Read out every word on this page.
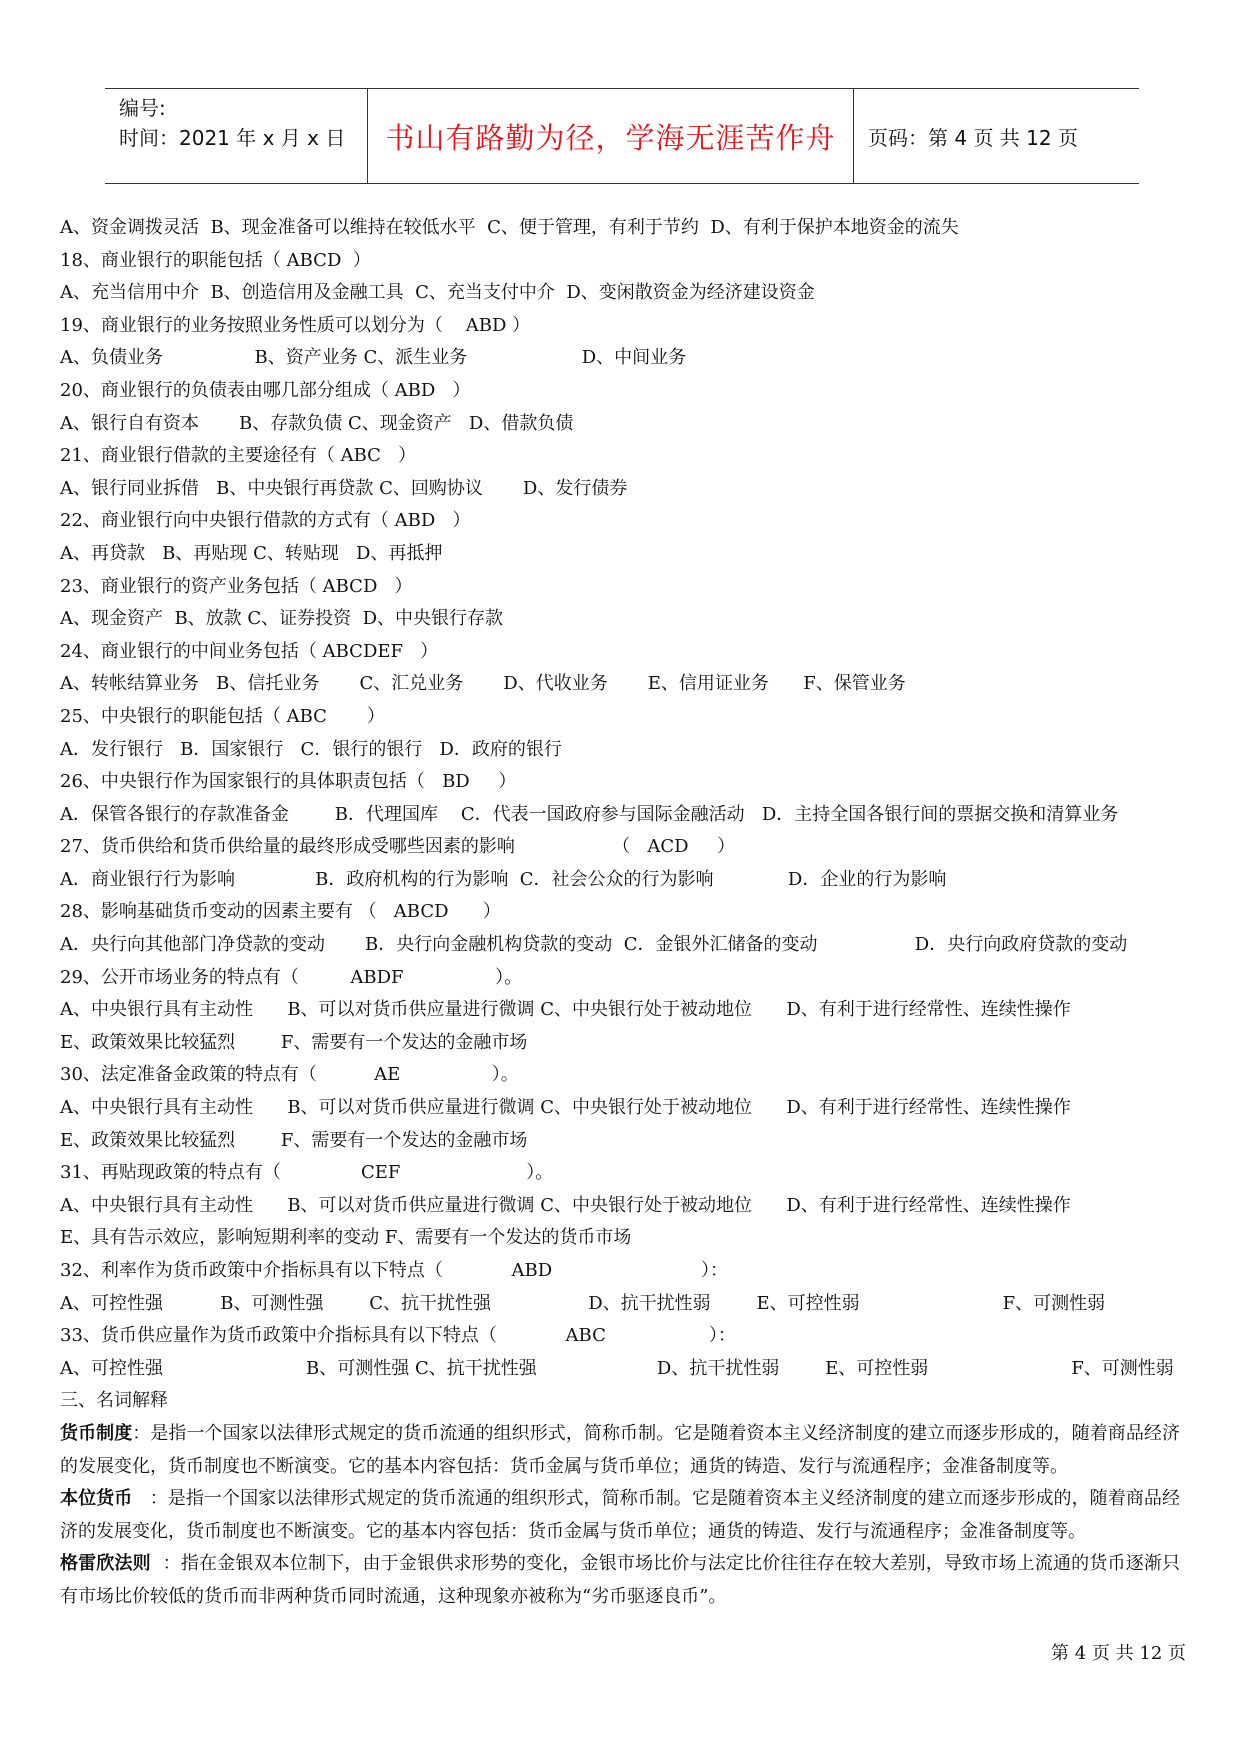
编号:
时间：2021 年 x 月 x 日	书山有路勤为径，学海无涯苦作舟	页码：第 4 页 共 12 页
A、资金调拨灵活  B、现金准备可以维持在较低水平  C、便于管理，有利于节约  D、有利于保护本地资金的流失
18、商业银行的职能包括（ ABCD  ）
A、充当信用中介  B、创造信用及金融工具  C、充当支付中介  D、变闲散资金为经济建设资金
19、商业银行的业务按照业务性质可以划分为（    ABD ）
A、负债业务                B、资产业务 C、派生业务                    D、中间业务
20、商业银行的负债表由哪几部分组成（ ABD   ）
A、银行自有资本       B、存款负债 C、现金资产   D、借款负债
21、商业银行借款的主要途径有（ ABC   ）
A、银行同业拆借   B、中央银行再贷款 C、回购协议       D、发行债券
22、商业银行向中央银行借款的方式有（ ABD   ）
A、再贷款   B、再贴现 C、转贴现   D、再抵押
23、商业银行的资产业务包括（ ABCD   ）
A、现金资产  B、放款 C、证券投资  D、中央银行存款
24、商业银行的中间业务包括（ ABCDEF   ）
A、转帐结算业务   B、信托业务       C、汇兑业务       D、代收业务       E、信用证业务      F、保管业务
25、中央银行的职能包括（ ABC       ）
A．发行银行   B．国家银行   C．银行的银行   D．政府的银行
26、中央银行作为国家银行的具体职责包括（   BD     ）
A．保管各银行的存款准备金        B．代理国库    C．代表一国政府参与国际金融活动   D．主持全国各银行间的票据交换和清算业务
27、货币供给和货币供给量的最终形成受哪些因素的影响                 （   ACD     ）
A．商业银行行为影响              B．政府机构的行为影响  C．社会公众的行为影响             D．企业的行为影响
28、影响基础货币变动的因素主要有 （   ABCD      ）
A．央行向其他部门净贷款的变动       B．央行向金融机构贷款的变动  C．金银外汇储备的变动                 D．央行向政府贷款的变动
29、公开市场业务的特点有（         ABDF                ）。
A、中央银行具有主动性      B、可以对货币供应量进行微调 C、中央银行处于被动地位      D、有利于进行经常性、连续性操作
E、政策效果比较猛烈        F、需要有一个发达的金融市场
30、法定准备金政策的特点有（          AE                ）。
A、中央银行具有主动性      B、可以对货币供应量进行微调 C、中央银行处于被动地位      D、有利于进行经常性、连续性操作
E、政策效果比较猛烈        F、需要有一个发达的金融市场
31、再贴现政策的特点有（              CEF                      ）。
A、中央银行具有主动性      B、可以对货币供应量进行微调 C、中央银行处于被动地位      D、有利于进行经常性、连续性操作
E、具有告示效应，影响短期利率的变动 F、需要有一个发达的货币市场
32、利率作为货币政策中介指标具有以下特点（            ABD                          ）：
A、可控性强          B、可测性强        C、抗干扰性强                 D、抗干扰性弱        E、可控性弱                         F、可测性弱
33、货币供应量作为货币政策中介指标具有以下特点（            ABC                  ）：
A、可控性强                         B、可测性强 C、抗干扰性强                     D、抗干扰性弱        E、可控性弱                         F、可测性弱
三、名词解释
货币制度：是指一个国家以法律形式规定的货币流通的组织形式，简称币制。它是随着资本主义经济制度的建立而逐步形成的，随着商品经济的发展变化，货币制度也不断演变。它的基本内容包括：货币金属与货币单位；通货的铸造、发行与流通程序；金准备制度等。
本位货币   ：是指一个国家以法律形式规定的货币流通的组织形式，简称币制。它是随着资本主义经济制度的建立而逐步形成的，随着商品经济的发展变化，货币制度也不断演变。它的基本内容包括：货币金属与货币单位；通货的铸造、发行与流通程序；金准备制度等。
格雷欣法则  ：指在金银双本位制下，由于金银供求形势的变化，金银市场比价与法定比价往往存在较大差别，导致市场上流通的货币逐渐只有市场比价较低的货币而非两种货币同时流通，这种现象亦被称为“劣币驱逐良币”。
第 4 页 共 12 页
